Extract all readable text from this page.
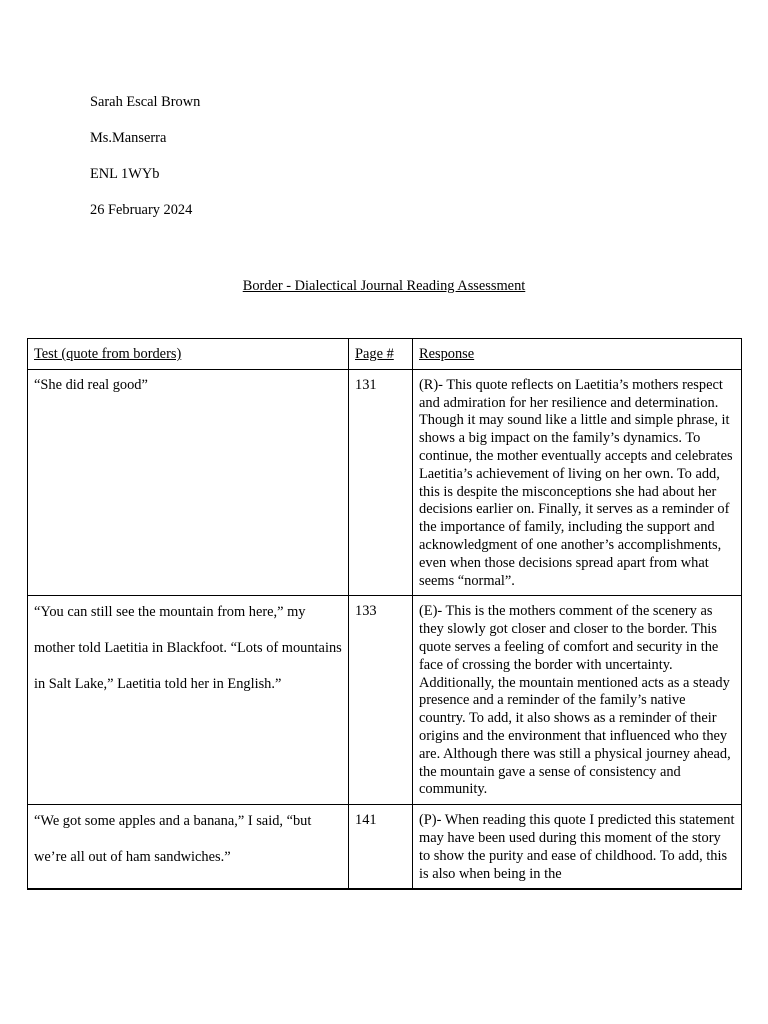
Sarah Escal Brown
Ms.Manserra
ENL 1WYb
26 February 2024
Border - Dialectical Journal Reading Assessment
Test (quote from borders)	Page #	Response

“She did real good”	131	(R)- This quote reflects on Laetitia’s mothers respect and admiration for her resilience and determination. Though it may sound like a little and simple phrase, it shows a big impact on the family’s dynamics. To continue, the mother eventually accepts and celebrates Laetitia’s achievement of living on her own. To add, this is despite the misconceptions she had about her decisions earlier on. Finally, it serves as a reminder of the importance of family, including the support and acknowledgment of one another’s accomplishments, even when those decisions spread apart from what seems “normal”.

“You can still see the mountain from here,” my mother told Laetitia in Blackfoot. “Lots of mountains in Salt Lake,” Laetitia told her in English.”	133	(E)- This is the mothers comment of the scenery as they slowly got closer and closer to the border. This quote serves a feeling of comfort and security in the face of crossing the border with uncertainty. Additionally, the mountain mentioned acts as a steady presence and a reminder of the family’s native country. To add, it also shows as a reminder of their origins and the environment that influenced who they are. Although there was still a physical journey ahead, the mountain gave a sense of consistency and community.

“We got some apples and a banana,” I said, “but we’re all out of ham sandwiches.”	141	(P)- When reading this quote I predicted this statement may have been used during this moment of the story to show the purity and ease of childhood. To add, this is also when being in the
